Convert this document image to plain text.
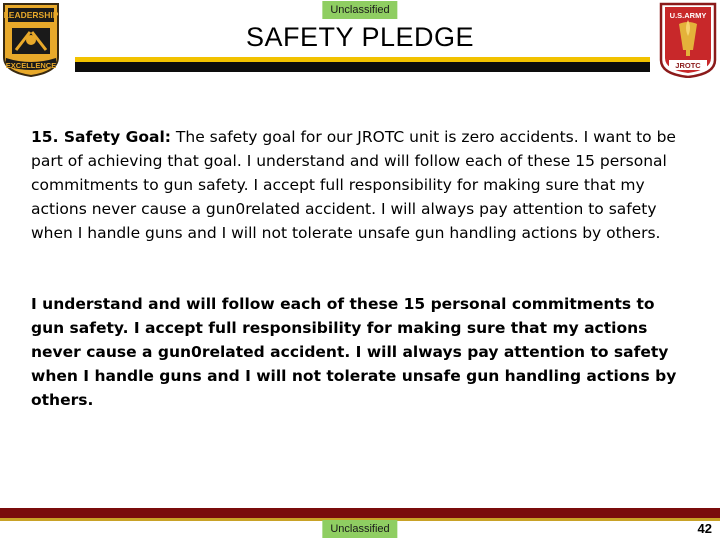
Unclassified
LEADERSHIP
EXCELLENCE
SAFETY PLEDGE
U.S.ARMY
JROTC

15. Safety Goal: The safety goal for our JROTC unit is zero accidents. I want to be part of achieving that goal. I understand and will follow each of these 15 personal commitments to gun safety. I accept full responsibility for making sure that my actions never cause a gun0related accident. I will always pay attention to safety when I handle guns and I will not tolerate unsafe gun handling actions by others.

I understand and will follow each of these 15 personal commitments to gun safety. I accept full responsibility for making sure that my actions never cause a gun0related accident. I will always pay attention to safety when I handle guns and I will not tolerate unsafe gun handling actions by others.

Unclassified	42
